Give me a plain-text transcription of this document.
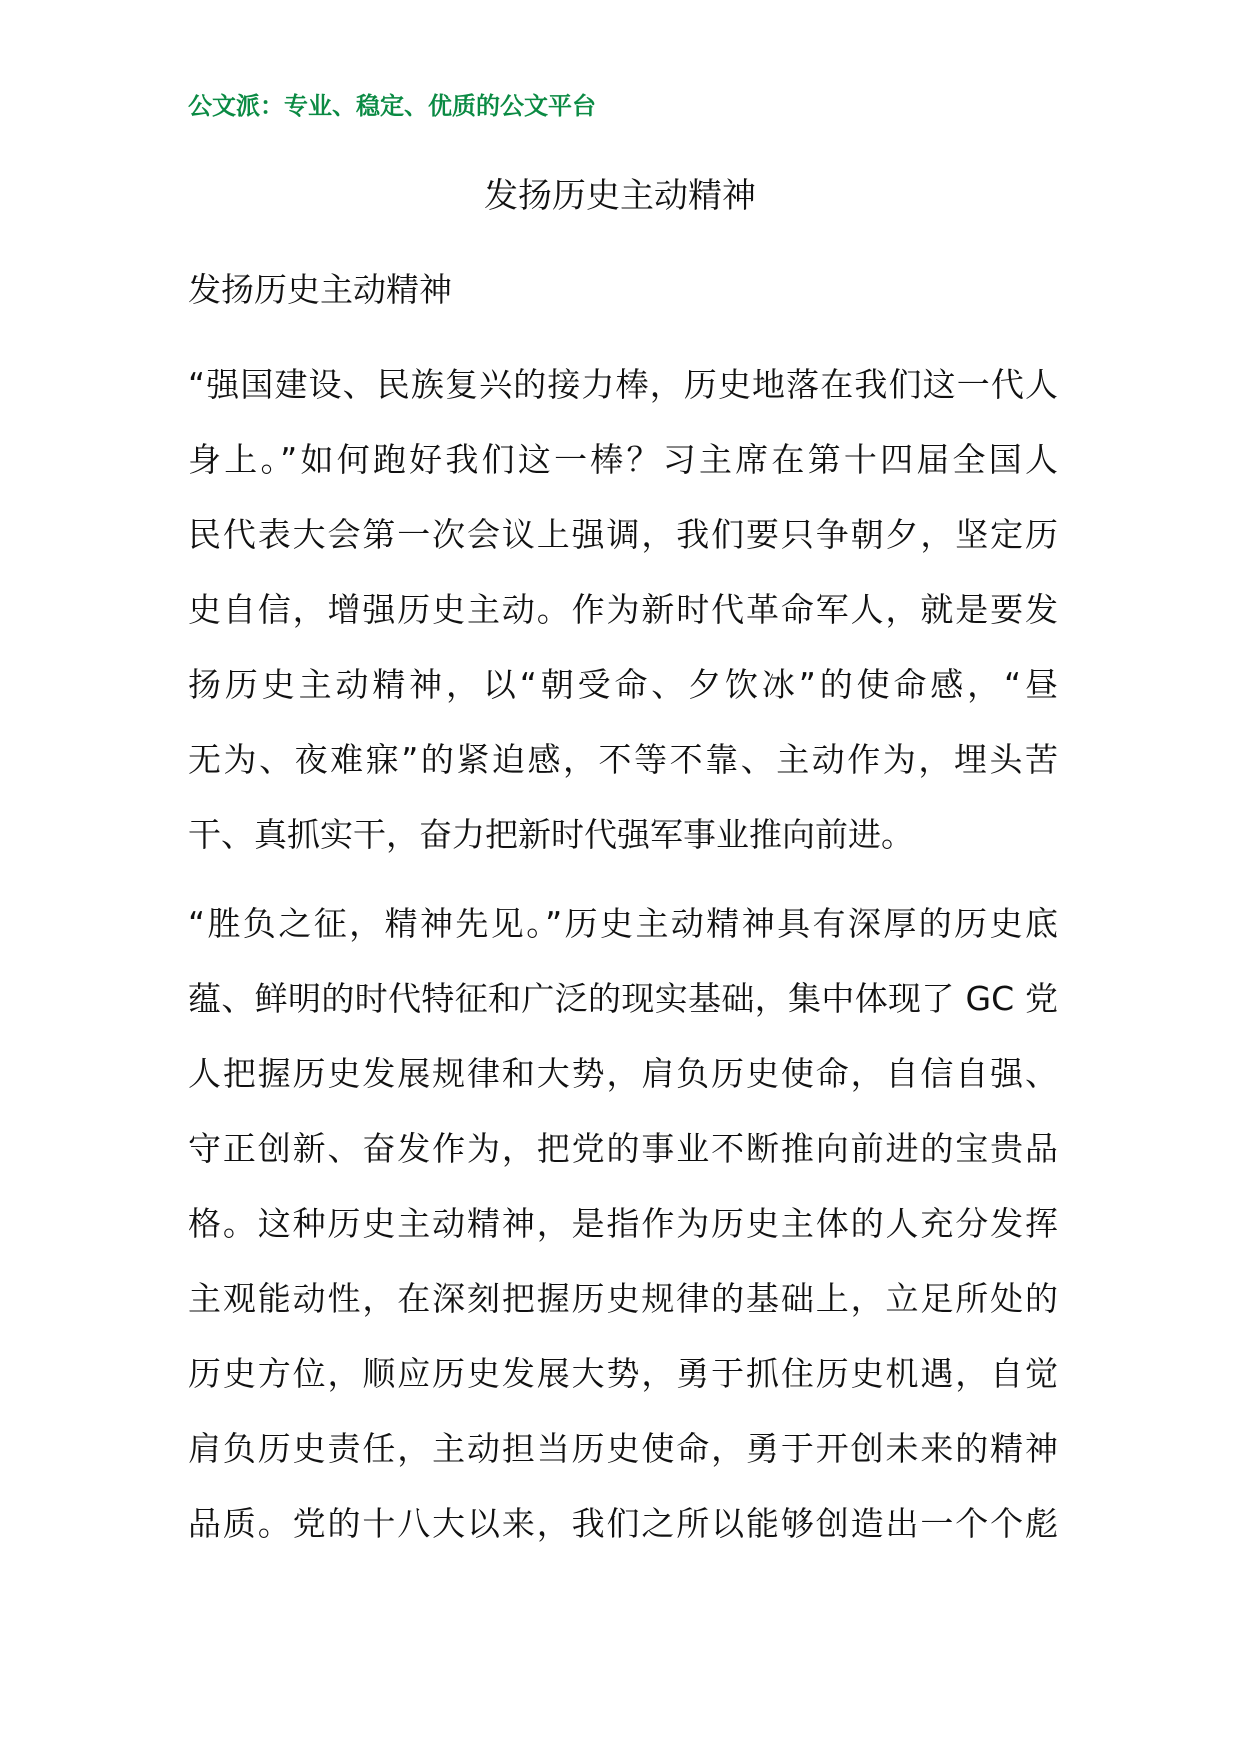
公文派：专业、稳定、优质的公文平台
发扬历史主动精神
发扬历史主动精神
“强国建设、民族复兴的接力棒，历史地落在我们这一代人
身上。”如何跑好我们这一棒？习主席在第十四届全国人
民代表大会第一次会议上强调，我们要只争朝夕，坚定历
史自信，增强历史主动。作为新时代革命军人，就是要发
扬历史主动精神，以“朝受命、夕饮冰”的使命感，“昼
无为、夜难寐”的紧迫感，不等不靠、主动作为，埋头苦
干、真抓实干，奋力把新时代强军事业推向前进。
“胜负之征，精神先见。”历史主动精神具有深厚的历史底
蕴、鲜明的时代特征和广泛的现实基础，集中体现了 GC 党
人把握历史发展规律和大势，肩负历史使命，自信自强、
守正创新、奋发作为，把党的事业不断推向前进的宝贵品
格。这种历史主动精神，是指作为历史主体的人充分发挥
主观能动性，在深刻把握历史规律的基础上，立足所处的
历史方位，顺应历史发展大势，勇于抓住历史机遇，自觉
肩负历史责任，主动担当历史使命，勇于开创未来的精神
品质。党的十八大以来，我们之所以能够创造出一个个彪
